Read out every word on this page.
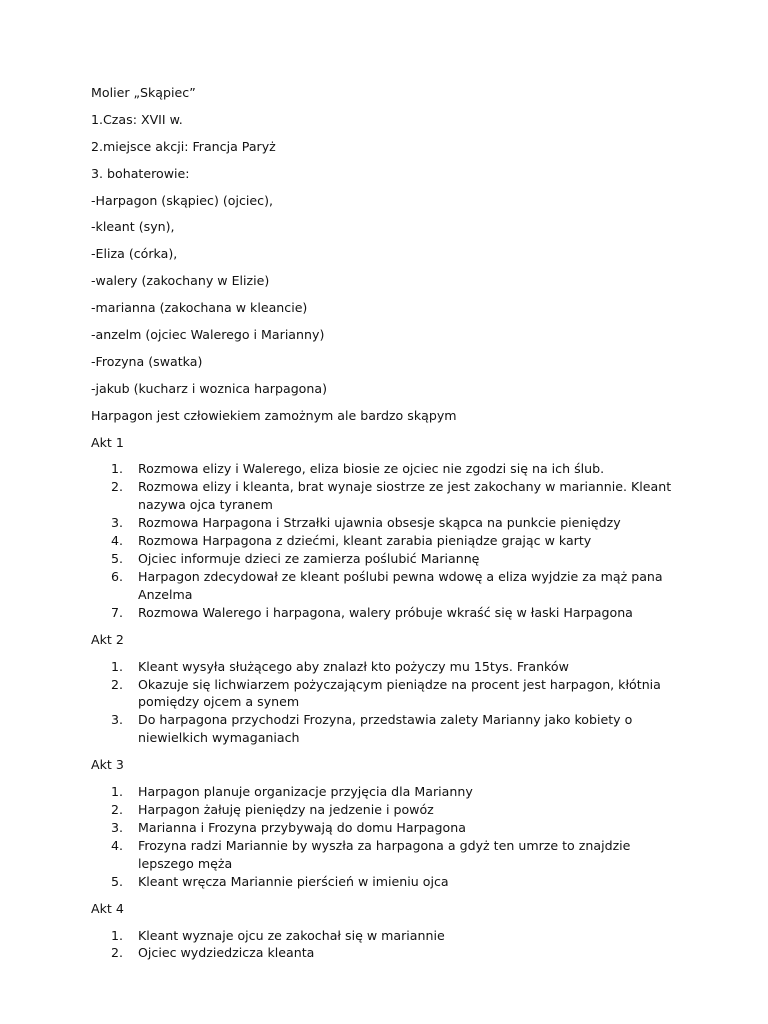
Molier „Skąpiec”

1.Czas: XVII w.

2.miejsce akcji: Francja Paryż

3. bohaterowie:

-Harpagon (skąpiec) (ojciec),

-kleant (syn),

-Eliza (córka),

-walery (zakochany w Elizie)

-marianna (zakochana w kleancie)

-anzelm (ojciec Walerego i Marianny)

-Frozyna (swatka)

-jakub (kucharz i woznica harpagona)

Harpagon jest człowiekiem zamożnym ale bardzo skąpym

Akt 1

1.	Rozmowa elizy i Walerego, eliza biosie ze ojciec nie zgodzi się na ich ślub.
2.	Rozmowa elizy i kleanta, brat wynaje siostrze ze jest zakochany w mariannie. Kleant nazywa ojca tyranem
3.	Rozmowa Harpagona i Strzałki ujawnia obsesje skąpca na punkcie pieniędzy
4.	Rozmowa Harpagona z dziećmi, kleant zarabia pieniądze grając w karty
5.	Ojciec informuje dzieci ze zamierza poślubić Mariannę
6.	Harpagon zdecydował ze kleant poślubi pewna wdowę a eliza wyjdzie za mąż pana Anzelma
7.	Rozmowa Walerego i harpagona, walery próbuje wkraść się w łaski Harpagona

Akt 2

1.	Kleant wysyła służącego aby znalazł kto pożyczy mu 15tys. Franków
2.	Okazuje się lichwiarzem pożyczającym pieniądze na procent jest harpagon, kłótnia pomiędzy ojcem a synem
3.	Do harpagona przychodzi Frozyna, przedstawia zalety Marianny jako kobiety o niewielkich wymaganiach

Akt 3

1.	Harpagon planuje organizacje przyjęcia dla Marianny
2.	Harpagon żałuję pieniędzy na jedzenie i powóz
3.	Marianna i Frozyna przybywają do domu Harpagona
4.	Frozyna radzi Mariannie by wyszła za harpagona a gdyż ten umrze to znajdzie lepszego męża
5.	Kleant wręcza Mariannie pierścień w imieniu ojca

Akt 4

1.	Kleant wyznaje ojcu ze zakochał się w mariannie
2.	Ojciec wydziedzicza kleanta
